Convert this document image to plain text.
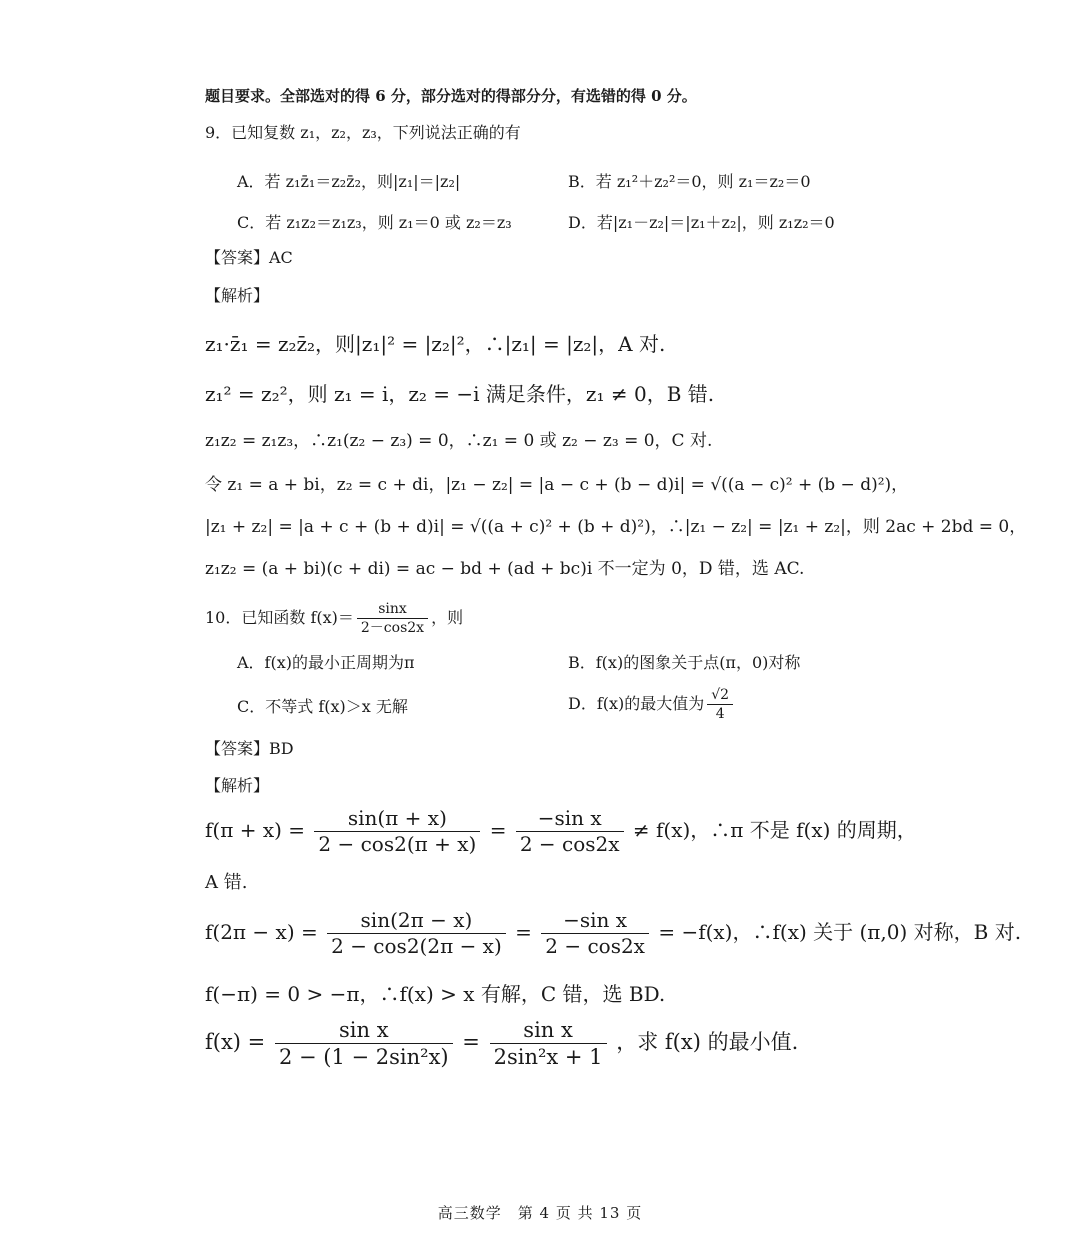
题目要求。全部选对的得 6 分，部分选对的得部分分，有选错的得 0 分。
9．已知复数 z₁，z₂，z₃，下列说法正确的有
A．若 z₁z̄₁＝z₂z̄₂，则|z₁|＝|z₂|	B．若 z₁²＋z₂²＝0，则 z₁＝z₂＝0
C．若 z₁z₂＝z₁z₃，则 z₁＝0 或 z₂＝z₃	D．若|z₁－z₂|＝|z₁＋z₂|，则 z₁z₂＝0
【答案】AC
【解析】
z₁·z̄₁ = z₂z̄₂，则|z₁|² = |z₂|²，∴|z₁| = |z₂|，A 对.
z₁² = z₂²，则 z₁ = i，z₂ = −i 满足条件，z₁ ≠ 0，B 错.
z₁z₂ = z₁z₃，∴z₁(z₂ − z₃) = 0，∴z₁ = 0 或 z₂ − z₃ = 0，C 对.
令 z₁ = a + bi，z₂ = c + di，|z₁ − z₂| = |a − c + (b − d)i| = √((a − c)² + (b − d)²)，
|z₁ + z₂| = |a + c + (b + d)i| = √((a + c)² + (b + d)²)，∴|z₁ − z₂| = |z₁ + z₂|，则 2ac + 2bd = 0，
z₁z₂ = (a + bi)(c + di) = ac − bd + (ad + bc)i 不一定为 0，D 错，选 AC.
10．已知函数 $f(x)= \frac{\sin x}{2-\cos 2x}$ ，则
A．f(x)的最小正周期为π	B．f(x)的图象关于点(π，0)对称
C．不等式 f(x)＞x 无解	D．f(x)的最大值为 $\frac{√2}{4}$
【答案】BD
【解析】
$f(\pi + x) = \frac{\sin(\pi + x)}{2 - \cos 2(\pi + x)} = \frac{\text{−sin x}}{2 - \cos 2x} \ne f(x)$，∴π 不是 f(x) 的周期，
A 错.
$f(2\pi - x) = \frac{\sin(2\pi - x)}{2 - \cos 2(2\pi - x)} = \frac{\text{−sin x}}{2 - \cos 2x} = -f(x)$，∴f(x) 关于 (π,0) 对称，B 对.
f(−π) = 0 > −π，∴f(x) > x 有解，C 错，选 BD.
$f(x) = \frac{\text{sin x}}{\text{2 − (1 − 2sin²x)}} = \frac{\text{sin x}}{\text{2sin²x + 1}}$ ，求 f(x) 的最小值.
高三数学　第 4 页 共 13 页
